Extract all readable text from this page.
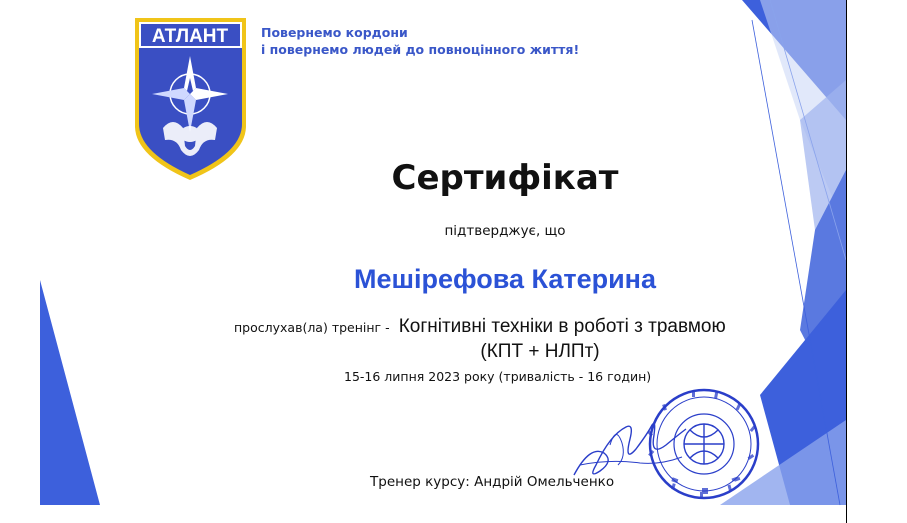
АТЛАНТ	Повернемо кордони
і повернемо людей до повноцінного життя!
Сертифікат
підтверджує, що
Мешірефова Катерина
прослухав(ла) тренінг - Когнітивні техніки в роботі з травмою
(КПТ + НЛПт)
15-16 липня 2023 року (тривалість - 16 годин)
Тренер курсу: Андрій Омельченко
